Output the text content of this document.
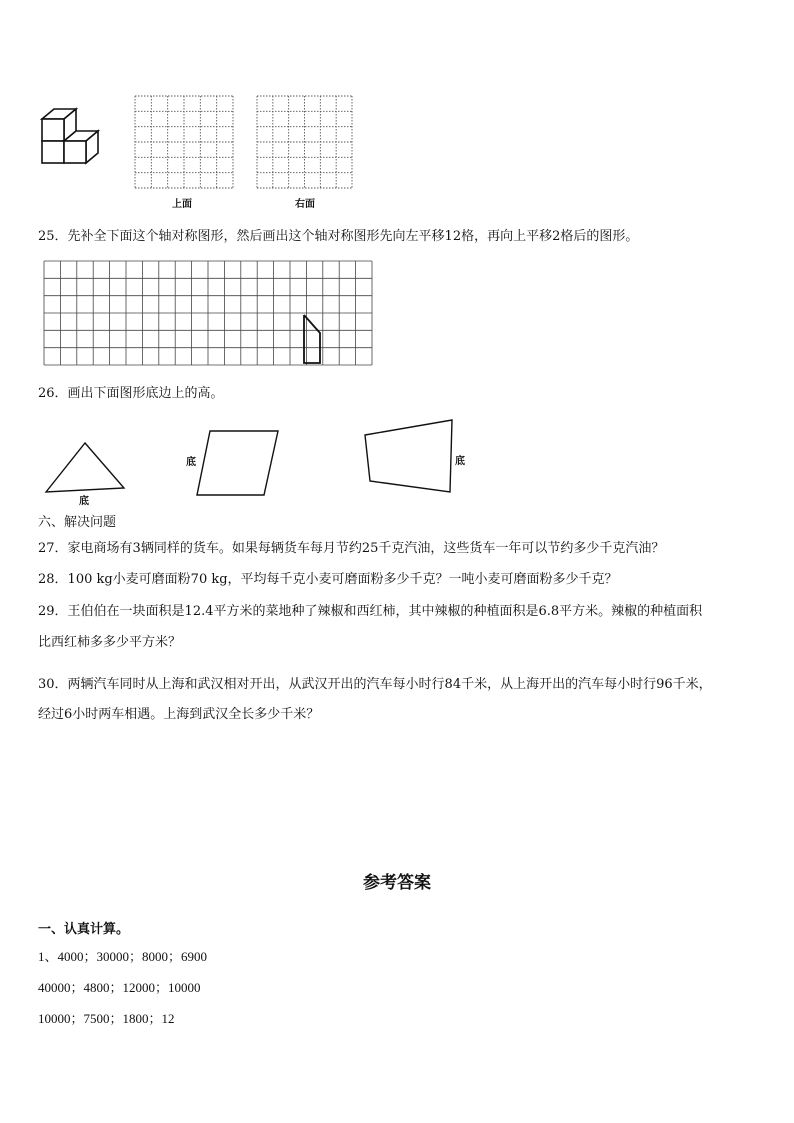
上面	右面
25．先补全下面这个轴对称图形，然后画出这个轴对称图形先向左平移12格，再向上平移2格后的图形。
26．画出下面图形底边上的高。
底
底	底
六、解决问题
27．家电商场有3辆同样的货车。如果每辆货车每月节约25千克汽油，这些货车一年可以节约多少千克汽油？
28．100 kg小麦可磨面粉70 kg，平均每千克小麦可磨面粉多少千克？一吨小麦可磨面粉多少千克？
29．王伯伯在一块面积是12.4平方米的菜地种了辣椒和西红柿，其中辣椒的种植面积是6.8平方米。辣椒的种植面积
比西红柿多多少平方米？
30．两辆汽车同时从上海和武汉相对开出，从武汉开出的汽车每小时行84千米，从上海开出的汽车每小时行96千米，
经过6小时两车相遇。上海到武汉全长多少千米？
参考答案
一、认真计算。
1、4000；30000；8000；6900
40000；4800；12000；10000
10000；7500；1800；12
